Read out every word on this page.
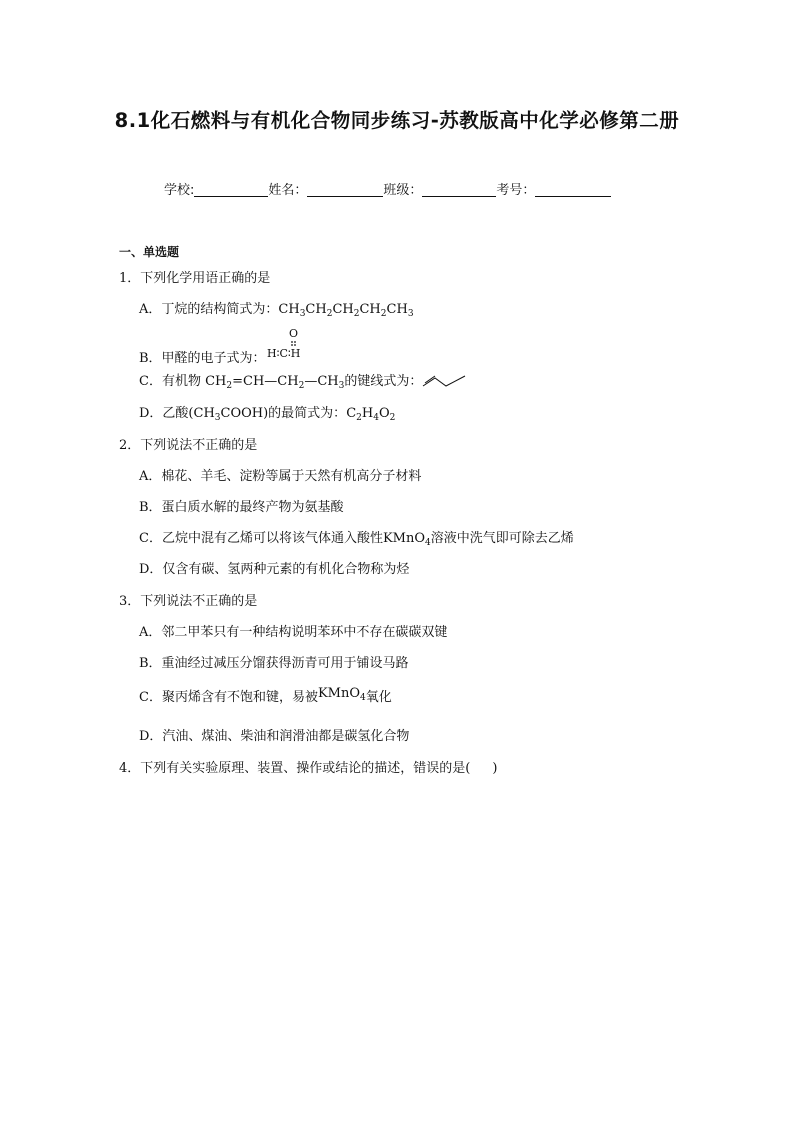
8.1化石燃料与有机化合物同步练习-苏教版高中化学必修第二册
学校:	姓名：	班级：	考号：
一、单选题
1．下列化学用语正确的是
A．丁烷的结构简式为：$CH_3CH_2CH_2CH_2CH_3$
B．甲醛的电子式为：
O
H∶C∶H
C．有机物 $CH_2=CH—CH_2—CH_3$的键线式为：
D．乙酸$(CH_3COOH)$的最简式为：$C_2H_4O_2$
2．下列说法不正确的是
A．棉花、羊毛、淀粉等属于天然有机高分子材料
B．蛋白质水解的最终产物为氨基酸
C．乙烷中混有乙烯可以将该气体通入酸性KMnO$_4$溶液中洗气即可除去乙烯
D．仅含有碳、氢两种元素的有机化合物称为烃
3．下列说法不正确的是
A．邻二甲苯只有一种结构说明苯环中不存在碳碳双键
B．重油经过减压分馏获得沥青可用于铺设马路
C．聚丙烯含有不饱和键，易被KMnO$_4$氧化
D．汽油、煤油、柴油和润滑油都是碳氢化合物
4．下列有关实验原理、装置、操作或结论的描述，错误的是( )
